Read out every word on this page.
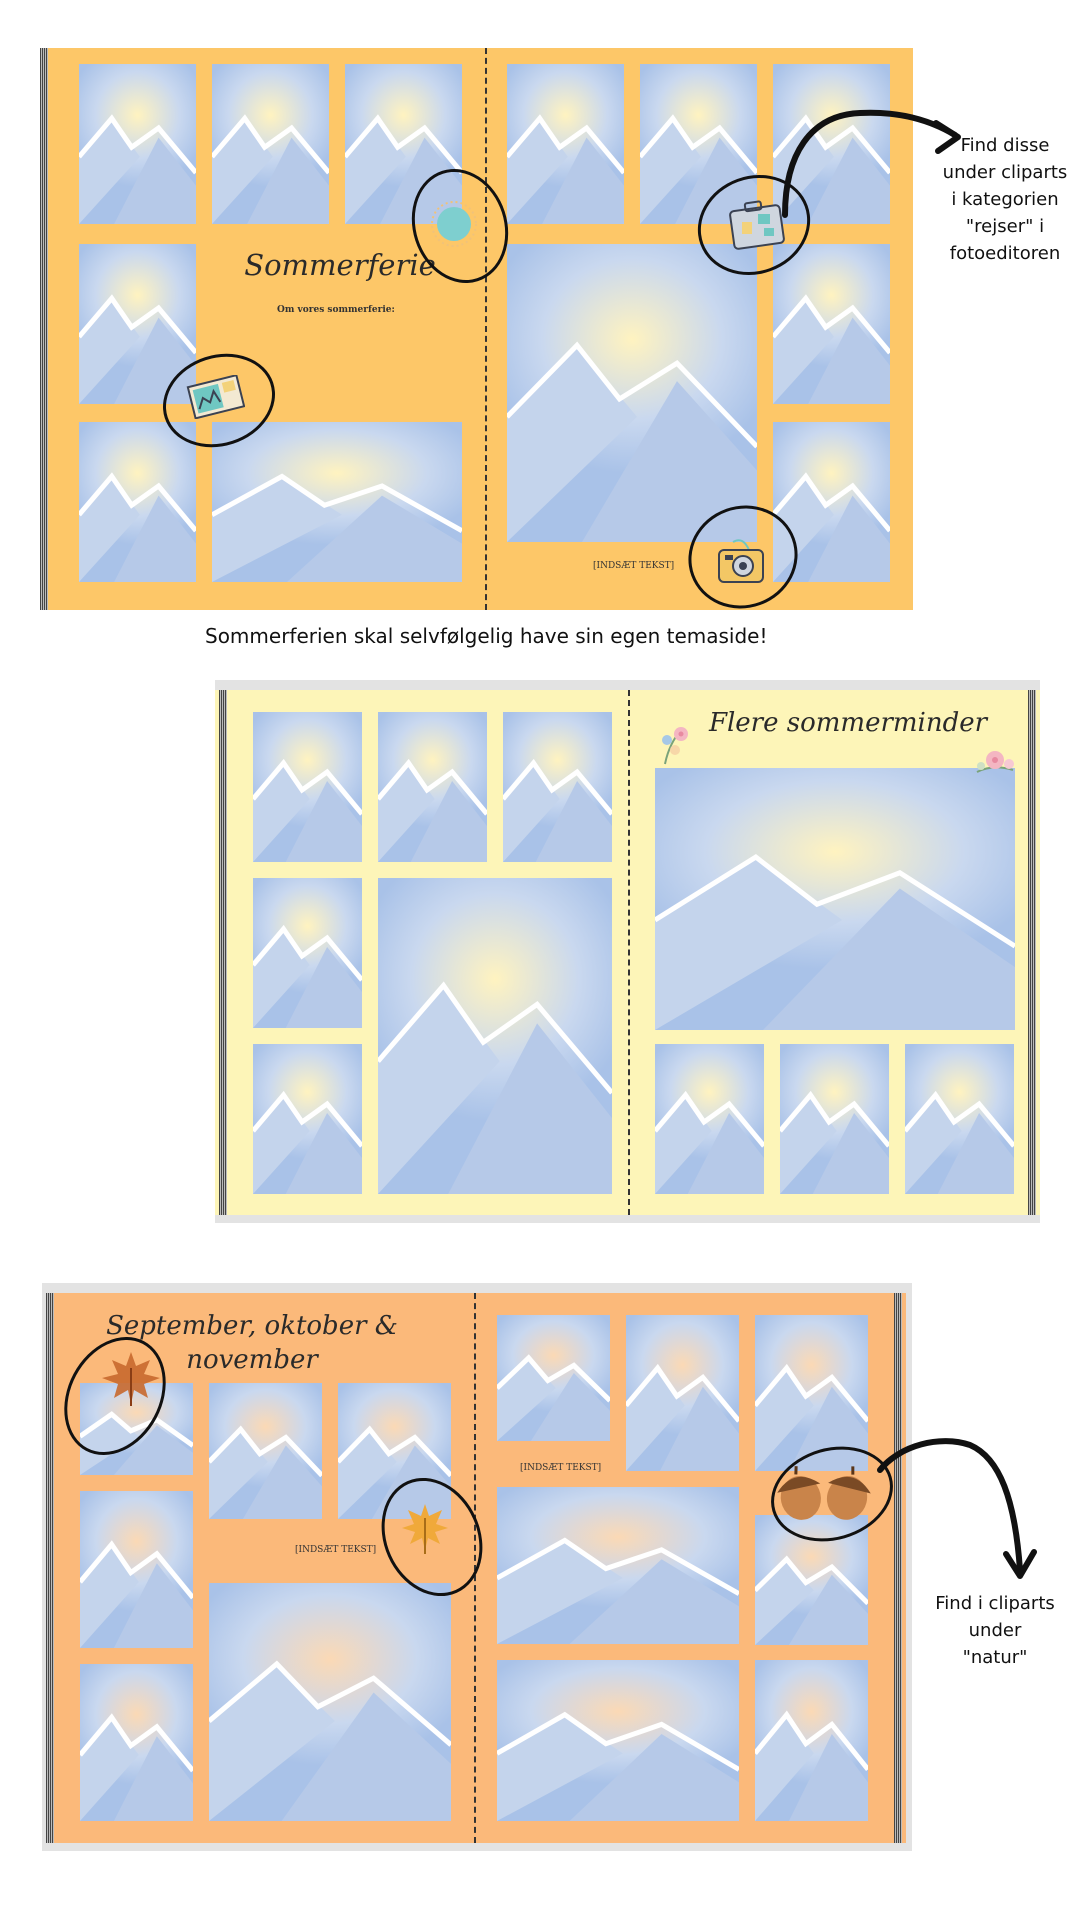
Sommerferie
Om vores sommerferie:
[INDSÆT TEKST]
Find disse
under cliparts
i kategorien
"rejser" i
fotoeditoren
Sommerferien skal selvfølgelig have sin egen temaside!
Flere sommerminder
September, oktober &
november
[INDSÆT TEKST]
[INDSÆT TEKST]
Find i cliparts
under
"natur"
